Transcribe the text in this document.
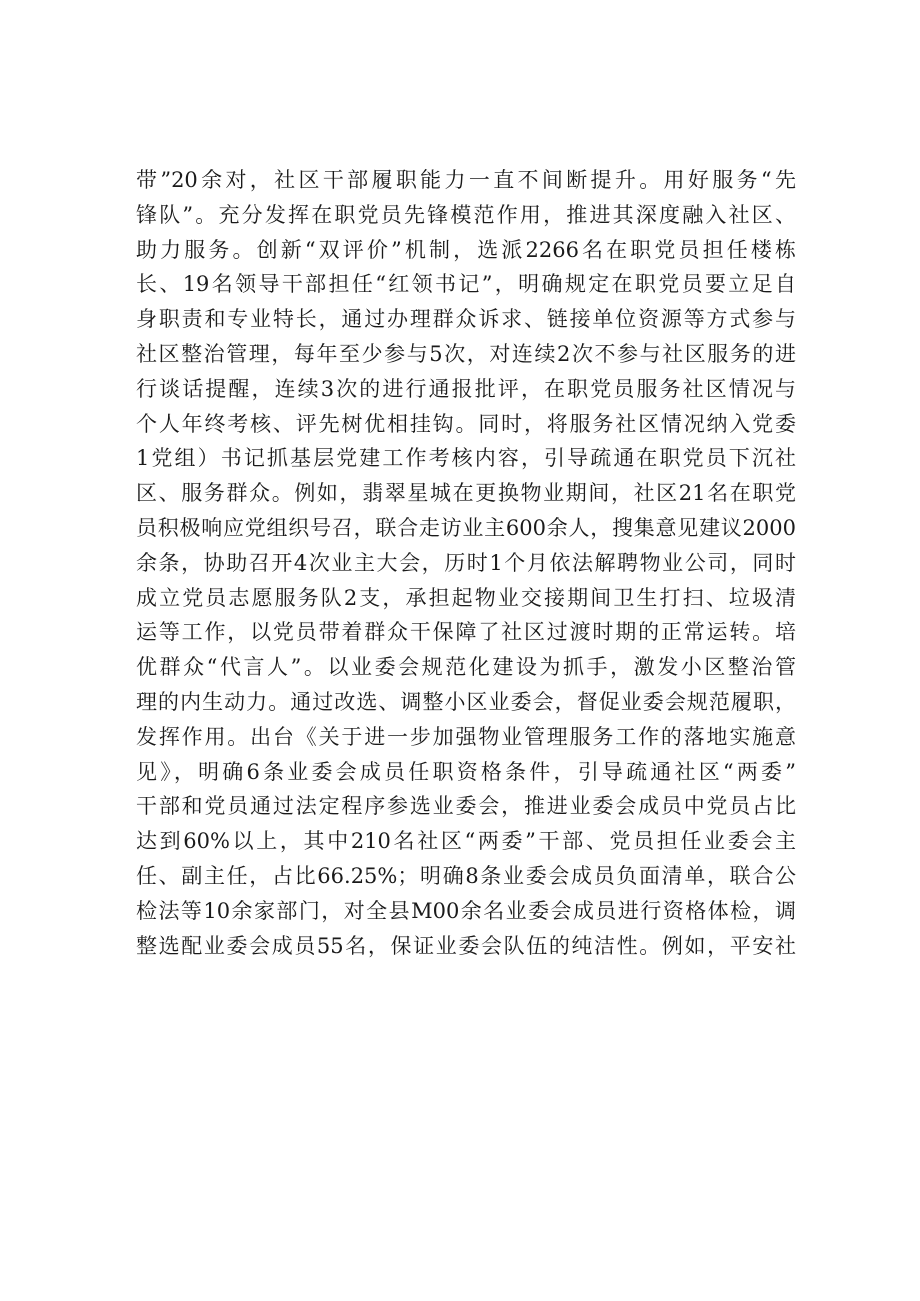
带”20余对，社区干部履职能力一直不间断提升。用好服务“先
锋队”。充分发挥在职党员先锋模范作用，推进其深度融入社区、
助力服务。创新“双评价”机制，选派2266名在职党员担任楼栋
长、19名领导干部担任“红领书记”，明确规定在职党员要立足自
身职责和专业特长，通过办理群众诉求、链接单位资源等方式参与
社区整治管理，每年至少参与5次，对连续2次不参与社区服务的进
行谈话提醒，连续3次的进行通报批评，在职党员服务社区情况与
个人年终考核、评先树优相挂钩。同时，将服务社区情况纳入党委
1党组）书记抓基层党建工作考核内容，引导疏通在职党员下沉社
区、服务群众。例如，翡翠星城在更换物业期间，社区21名在职党
员积极响应党组织号召，联合走访业主600余人，搜集意见建议2000
余条，协助召开4次业主大会，历时1个月依法解聘物业公司，同时
成立党员志愿服务队2支，承担起物业交接期间卫生打扫、垃圾清
运等工作，以党员带着群众干保障了社区过渡时期的正常运转。培
优群众“代言人”。以业委会规范化建设为抓手，激发小区整治管
理的内生动力。通过改选、调整小区业委会，督促业委会规范履职，
发挥作用。出台《关于进一步加强物业管理服务工作的落地实施意
见》，明确6条业委会成员任职资格条件，引导疏通社区“两委”
干部和党员通过法定程序参选业委会，推进业委会成员中党员占比
达到60%以上，其中210名社区“两委”干部、党员担任业委会主
任、副主任，占比66.25%；明确8条业委会成员负面清单，联合公
检法等10余家部门，对全县M00余名业委会成员进行资格体检，调
整选配业委会成员55名，保证业委会队伍的纯洁性。例如，平安社
